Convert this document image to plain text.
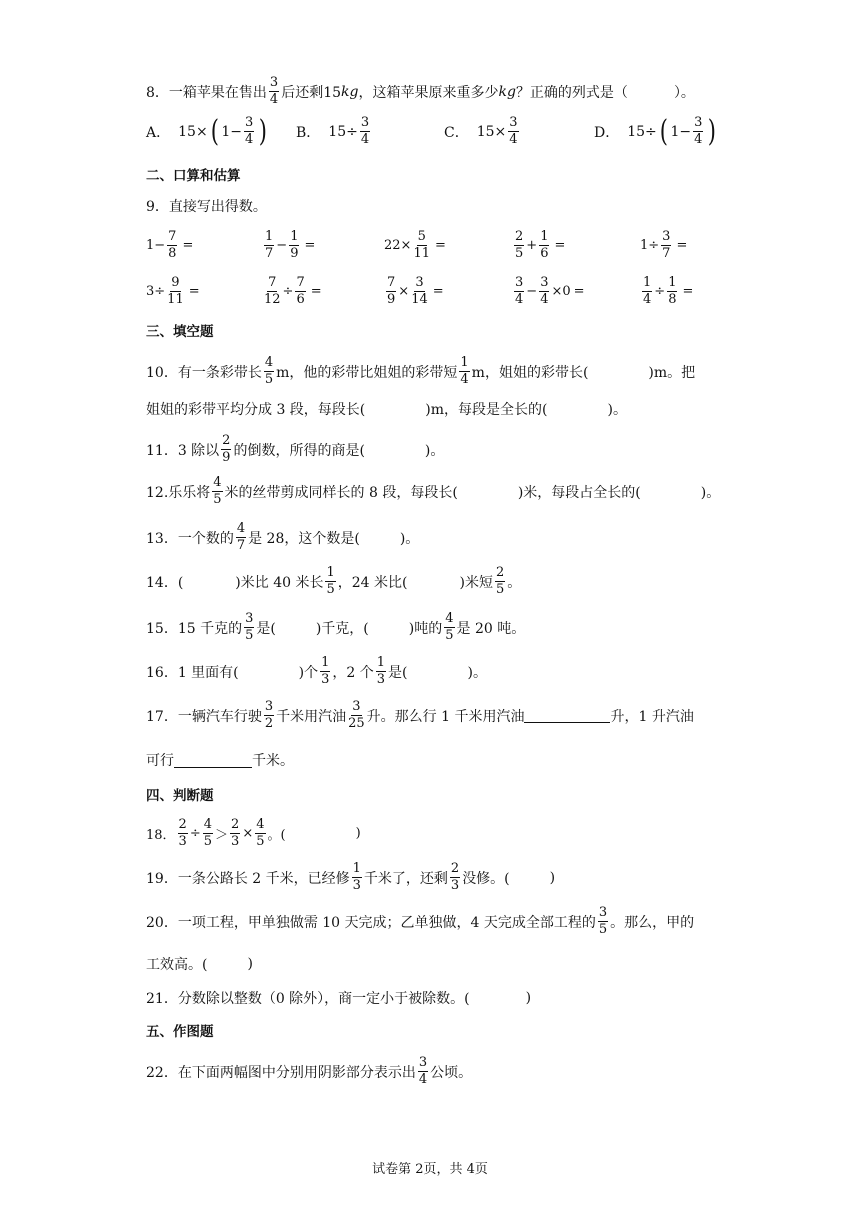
8． 一箱苹果在售出 $\frac{3}{4}$ 后还剩15 kg ，这箱苹果原来重多少 kg ？正确的列式是（	）。
A． 15× ( $1- \frac{3}{4}$ ) B． $15\div \frac{3}{4}$	C． $15\times \frac{3}{4}$	D． 15÷ ( $1- \frac{3}{4}$ )
二、口算和估算
9．直接写出得数。
$1- \frac{7}{8}$ =	$\frac{1}{7} - \frac{1}{9}$ =	$22\times \frac{5}{11}$ =	$\frac{2}{5} + \frac{1}{6}$ =	$1\div \frac{3}{7}$ =
$3\div \frac{9}{11}$ =	$\frac{7}{12} \div \frac{7}{6}$ =	$\frac{7}{9} \times \frac{3}{14}$ =	$\frac{3}{4} - \frac{3}{4} \times 0$ =	$\frac{1}{4} \div \frac{1}{8}$ =
三、填空题
10．有一条彩带长 $\frac{4}{5}$ m，他的彩带比姐姐的彩带短 $\frac{1}{4}$ m，姐姐的彩带长(	)m。把
姐姐的彩带平均分成 3 段，每段长(	)m，每段是全长的(	)。
11．3 除以 $\frac{2}{9}$ 的倒数，所得的商是(	)。
12.乐乐将 $\frac{4}{5}$ 米的丝带剪成同样长的 8 段，每段长(	)米，每段占全长的(	)。
13．一个数的 $\frac{4}{7}$ 是 28，这个数是(	)。
14．(	)米比 40 米长 $\frac{1}{5}$ ，24 米比(	)米短 $\frac{2}{5}$ 。
15．15 千克的 $\frac{3}{5}$ 是(	)千克，(	)吨的 $\frac{4}{5}$ 是 20 吨。
16．1 里面有(	)个 $\frac{1}{3}$ ，2 个 $\frac{1}{3}$ 是(	)。
17．一辆汽车行驶 $\frac{3}{2}$ 千米用汽油 $\frac{3}{25}$ 升。那么行 1 千米用汽油	升，1 升汽油
可行	千米。
四、判断题
18． $\frac{2}{3} \div \frac{4}{5} > \frac{2}{3} \times \frac{4}{5}$ 。(	)
19．一条公路长 2 千米，已经修 $\frac{1}{3}$ 千米了，还剩 $\frac{2}{3}$ 没修。(	)
20．一项工程，甲单独做需 10 天完成；乙单独做，4 天完成全部工程的 $\frac{3}{5}$ 。那么，甲的
工效高。(	)
21．分数除以整数（0 除外），商一定小于被除数。(	)
五、作图题
22．在下面两幅图中分别用阴影部分表示出 $\frac{3}{4}$ 公顷。
试卷第 2页，共 4页
